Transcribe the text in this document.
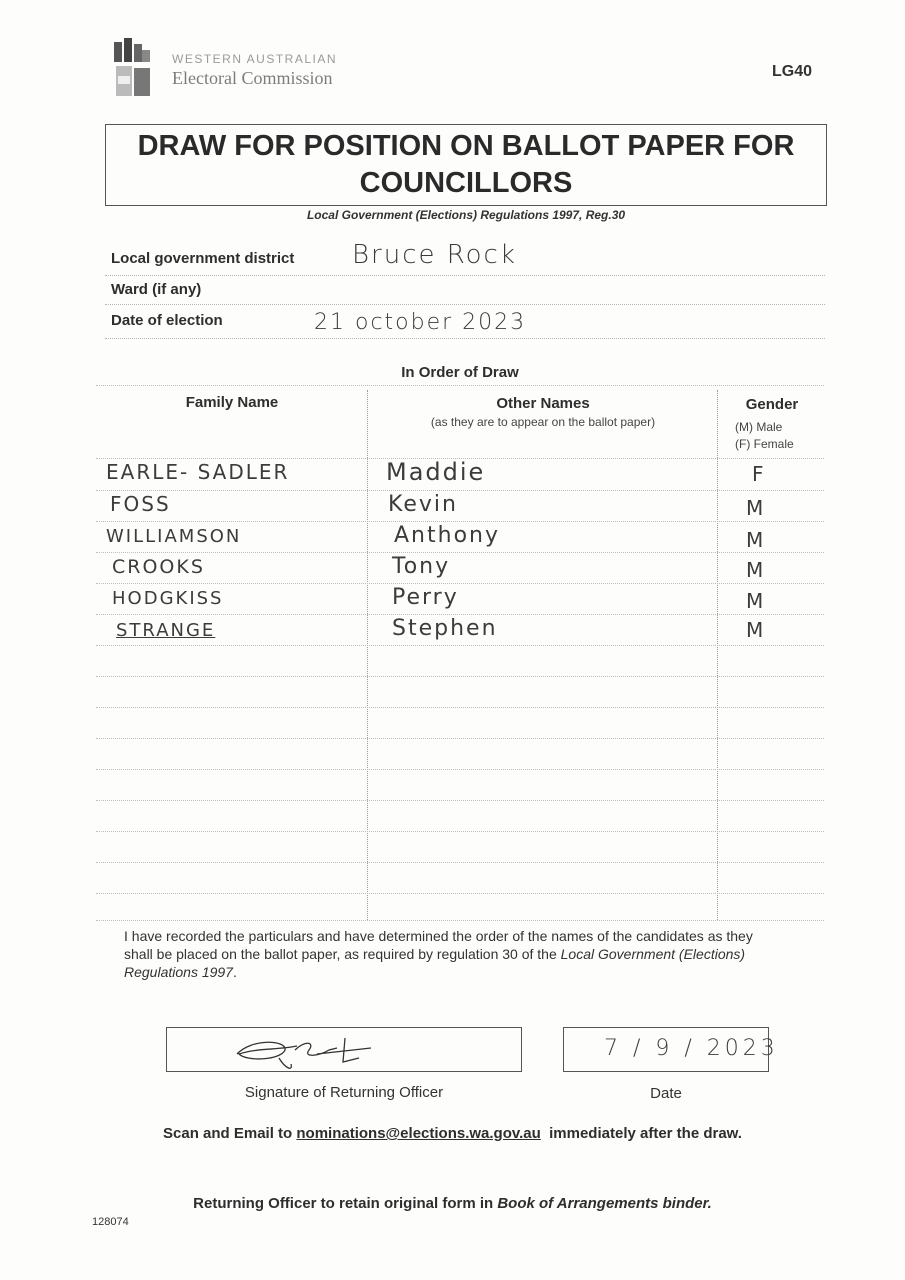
WESTERN AUSTRALIAN
Electoral Commission	LG40
DRAW FOR POSITION ON BALLOT PAPER FOR
COUNCILLORS
Local Government (Elections) Regulations 1997, Reg.30
Local government district Bruce Rock
Ward (if any)
Date of election	21 october 2023
In Order of Draw
Family Name	Other Names
(as they are to appear on the ballot paper)
Gender
(M) Male
(F) Female
EARLE- SADLER	Maddie	F
FOSS	Kevin	M
WILLIAMSON	Anthony	M
CROOKS	Tony	M
HODGKISS	Perry	M
STRANGE	Stephen	M
I have recorded the particulars and have determined the order of the names of the candidates as they shall be placed on the ballot paper, as required by regulation 30 of the Local Government (Elections) Regulations 1997.
Signature of Returning Officer
7 / 9 / 2023
Date
Scan and Email to nominations@elections.wa.gov.au immediately after the draw.
Returning Officer to retain original form in Book of Arrangements binder.
128074
